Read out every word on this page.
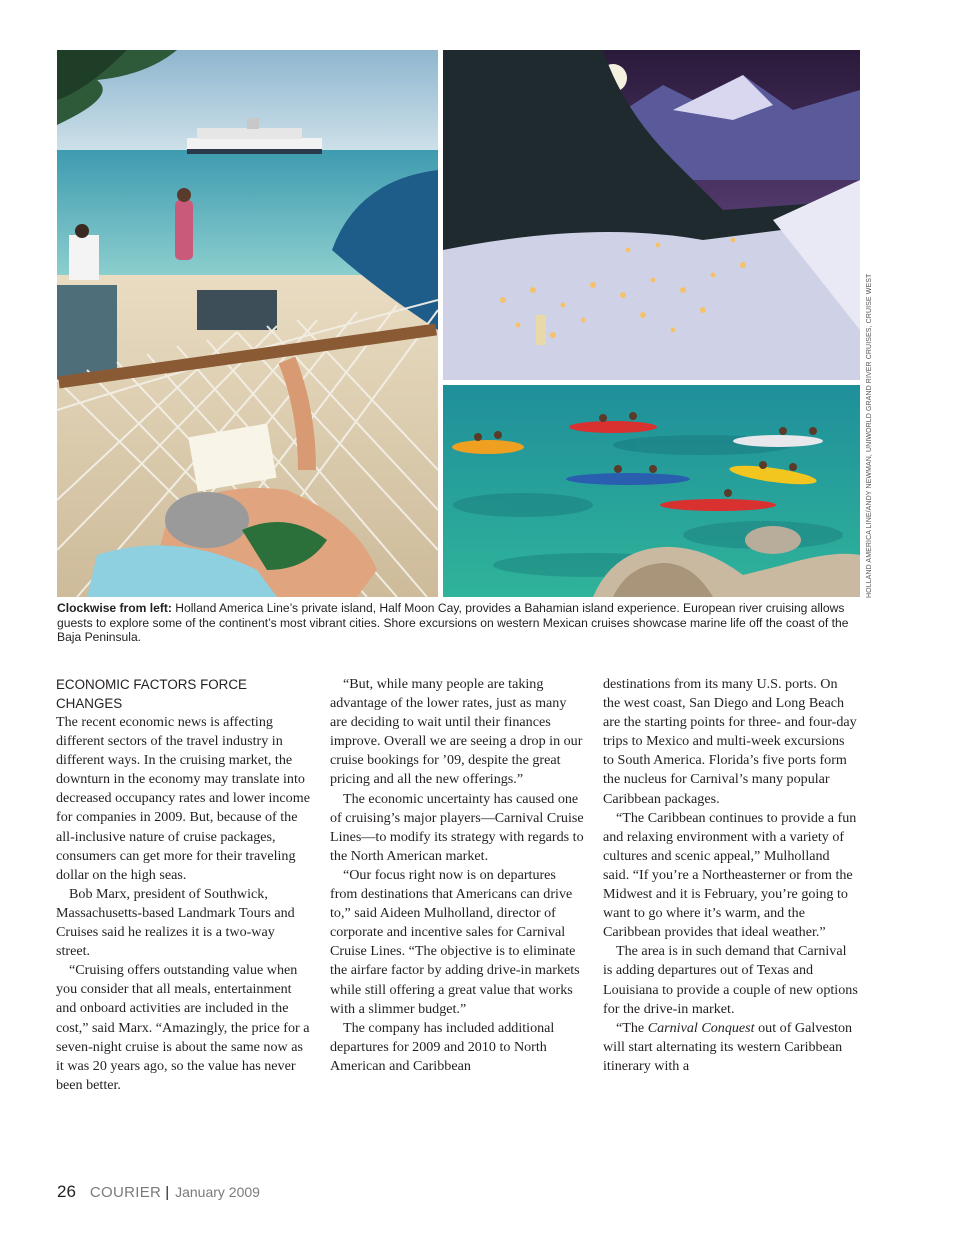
HOLLAND AMERICA LINE/ANDY NEWMAN, UNIWORLD GRAND RIVER CRUISES, CRUISE WEST

Clockwise from left: Holland America Line’s private island, Half Moon Cay, provides a Bahamian island experience. European river cruising allows guests to explore some of the continent’s most vibrant cities. Shore excursions on western Mexican cruises showcase marine life off the coast of the Baja Peninsula.

ECONOMIC FACTORS FORCE CHANGES

The recent economic news is affecting different sectors of the travel industry in different ways. In the cruising market, the downturn in the economy may translate into decreased occupancy rates and lower income for companies in 2009. But, because of the all-inclusive nature of cruise packages, consumers can get more for their traveling dollar on the high seas.

Bob Marx, president of Southwick, Massachusetts-based Landmark Tours and Cruises said he realizes it is a two-way street.

“Cruising offers outstanding value when you consider that all meals, entertainment and onboard activities are included in the cost,” said Marx. “Amazingly, the price for a seven-night cruise is about the same now as it was 20 years ago, so the value has never been better.

“But, while many people are taking advantage of the lower rates, just as many are deciding to wait until their finances improve. Overall we are seeing a drop in our cruise bookings for ’09, despite the great pricing and all the new offerings.”

The economic uncertainty has caused one of cruising’s major players—Carnival Cruise Lines—to modify its strategy with regards to the North American market.

“Our focus right now is on departures from destinations that Americans can drive to,” said Aideen Mulholland, director of corporate and incentive sales for Carnival Cruise Lines. “The objective is to eliminate the airfare factor by adding drive-in markets while still offering a great value that works with a slimmer budget.”

The company has included additional departures for 2009 and 2010 to North American and Caribbean

destinations from its many U.S. ports. On the west coast, San Diego and Long Beach are the starting points for three- and four-day trips to Mexico and multi-week excursions to South America. Florida’s five ports form the nucleus for Carnival’s many popular Caribbean packages.

“The Caribbean continues to provide a fun and relaxing environment with a variety of cultures and scenic appeal,” Mulholland said. “If you’re a Northeasterner or from the Midwest and it is February, you’re going to want to go where it’s warm, and the Caribbean provides that ideal weather.”

The area is in such demand that Carnival is adding departures out of Texas and Louisiana to provide a couple of new options for the drive-in market.

“The Carnival Conquest out of Galveston will start alternating its western Caribbean itinerary with a

26 COURIER | January 2009
